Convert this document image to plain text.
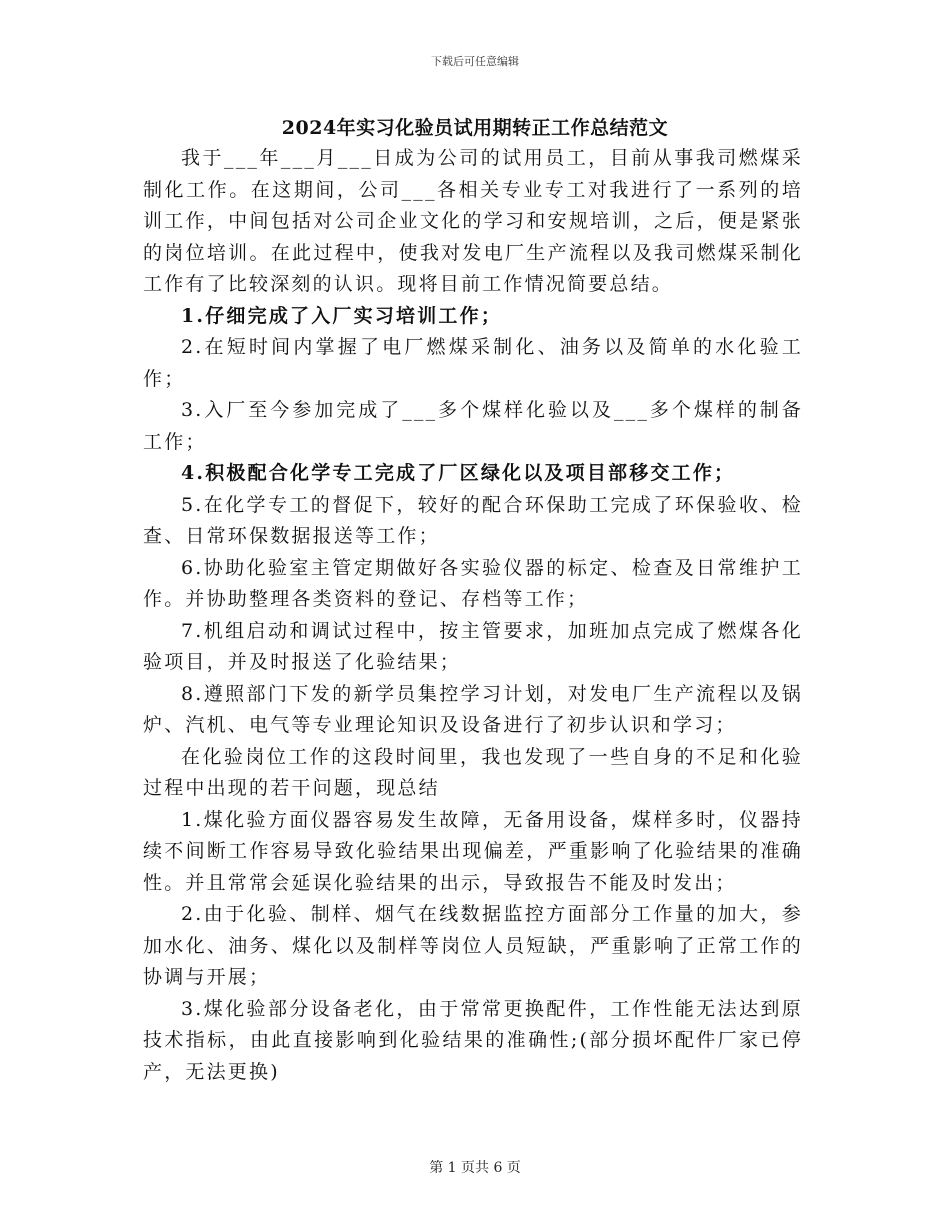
下载后可任意编辑
2024年实习化验员试用期转正工作总结范文

我于___年___月___日成为公司的试用员工，目前从事我司燃煤采制化工作。在这期间，公司___各相关专业专工对我进行了一系列的培训工作，中间包括对公司企业文化的学习和安规培训，之后，便是紧张的岗位培训。在此过程中，使我对发电厂生产流程以及我司燃煤采制化工作有了比较深刻的认识。现将目前工作情况简要总结。

1.仔细完成了入厂实习培训工作；

2.在短时间内掌握了电厂燃煤采制化、油务以及简单的水化验工作；

3.入厂至今参加完成了___多个煤样化验以及___多个煤样的制备工作；

4.积极配合化学专工完成了厂区绿化以及项目部移交工作；

5.在化学专工的督促下，较好的配合环保助工完成了环保验收、检查、日常环保数据报送等工作；

6.协助化验室主管定期做好各实验仪器的标定、检查及日常维护工作。并协助整理各类资料的登记、存档等工作；

7.机组启动和调试过程中，按主管要求，加班加点完成了燃煤各化验项目，并及时报送了化验结果；

8.遵照部门下发的新学员集控学习计划，对发电厂生产流程以及锅炉、汽机、电气等专业理论知识及设备进行了初步认识和学习；

在化验岗位工作的这段时间里，我也发现了一些自身的不足和化验过程中出现的若干问题，现总结

1.煤化验方面仪器容易发生故障，无备用设备，煤样多时，仪器持续不间断工作容易导致化验结果出现偏差，严重影响了化验结果的准确性。并且常常会延误化验结果的出示，导致报告不能及时发出；

2.由于化验、制样、烟气在线数据监控方面部分工作量的加大，参加水化、油务、煤化以及制样等岗位人员短缺，严重影响了正常工作的协调与开展；

3.煤化验部分设备老化，由于常常更换配件，工作性能无法达到原技术指标，由此直接影响到化验结果的准确性;(部分损坏配件厂家已停产，无法更换)

第 1 页共 6 页
